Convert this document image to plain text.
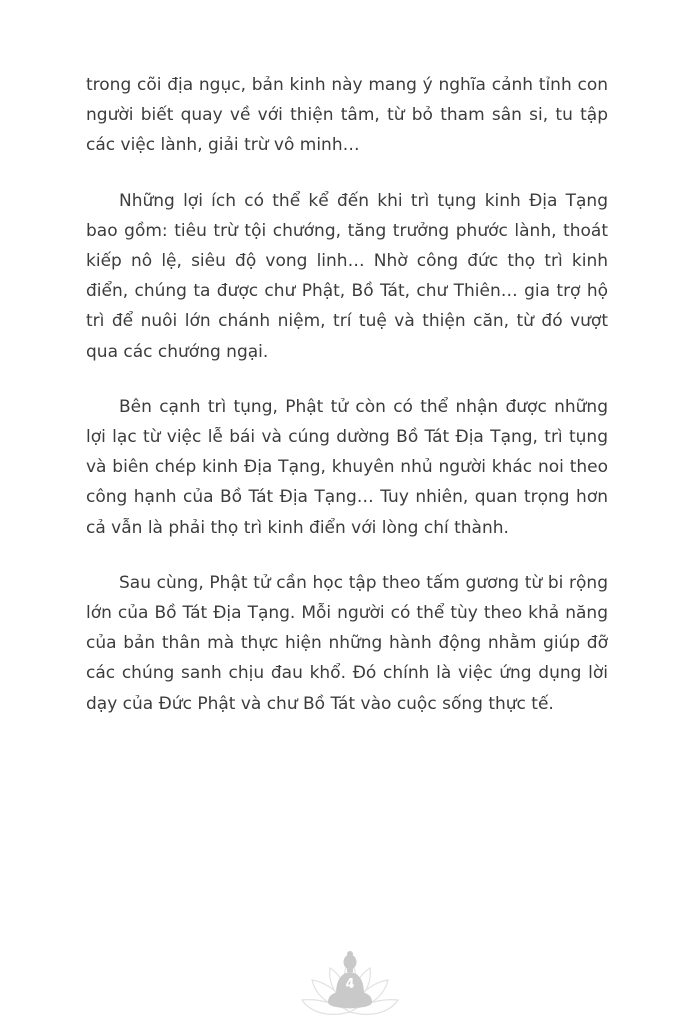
trong cõi địa ngục, bản kinh này mang ý nghĩa cảnh tỉnh con người biết quay về với thiện tâm, từ bỏ tham sân si, tu tập các việc lành, giải trừ vô minh…

Những lợi ích có thể kể đến khi trì tụng kinh Địa Tạng bao gồm: tiêu trừ tội chướng, tăng trưởng phước lành, thoát kiếp nô lệ, siêu độ vong linh… Nhờ công đức thọ trì kinh điển, chúng ta được chư Phật, Bồ Tát, chư Thiên… gia trợ hộ trì để nuôi lớn chánh niệm, trí tuệ và thiện căn, từ đó vượt qua các chướng ngại.

Bên cạnh trì tụng, Phật tử còn có thể nhận được những lợi lạc từ việc lễ bái và cúng dường Bồ Tát Địa Tạng, trì tụng và biên chép kinh Địa Tạng, khuyên nhủ người khác noi theo công hạnh của Bồ Tát Địa Tạng… Tuy nhiên, quan trọng hơn cả vẫn là phải thọ trì kinh điển với lòng chí thành.

Sau cùng, Phật tử cần học tập theo tấm gương từ bi rộng lớn của Bồ Tát Địa Tạng. Mỗi người có thể tùy theo khả năng của bản thân mà thực hiện những hành động nhằm giúp đỡ các chúng sanh chịu đau khổ. Đó chính là việc ứng dụng lời dạy của Đức Phật và chư Bồ Tát vào cuộc sống thực tế.

4
